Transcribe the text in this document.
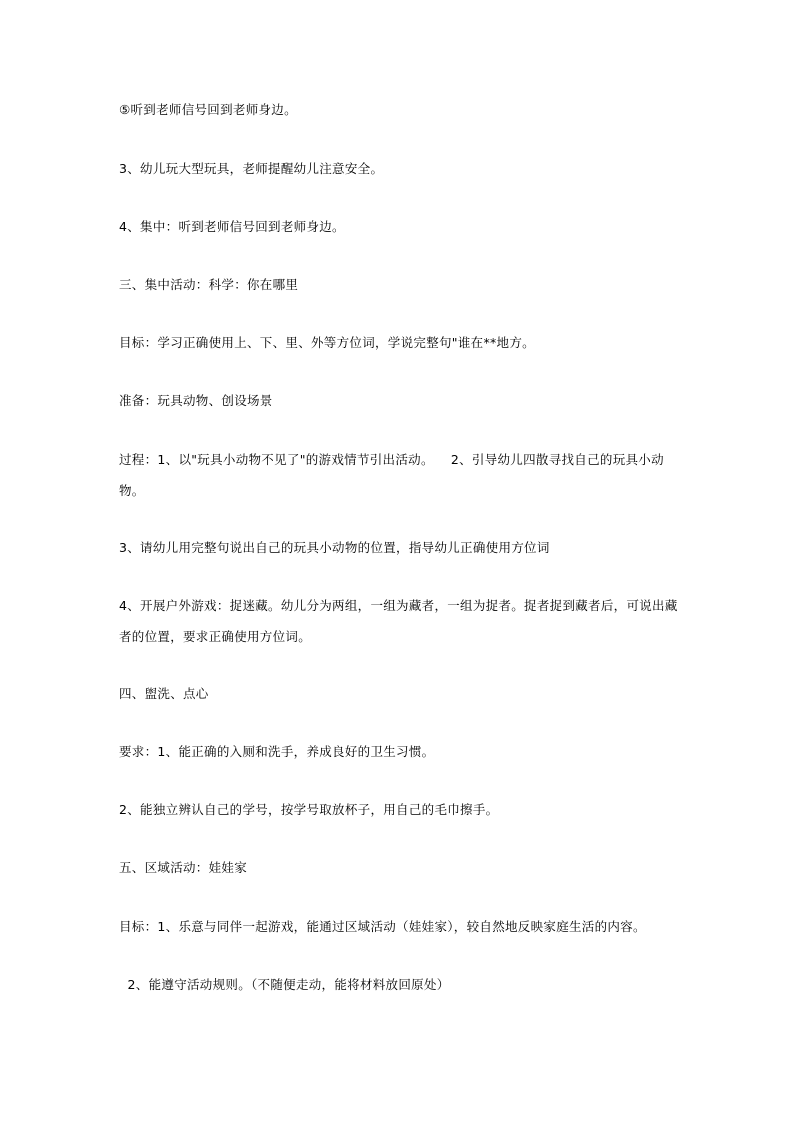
⑤听到老师信号回到老师身边。
3、幼儿玩大型玩具，老师提醒幼儿注意安全。
4、集中：听到老师信号回到老师身边。
三、集中活动：科学：你在哪里
目标：学习正确使用上、下、里、外等方位词，学说完整句"谁在**地方。
准备：玩具动物、创设场景
过程：1、以"玩具小动物不见了"的游戏情节引出活动。    2、引导幼儿四散寻找自己的玩具小动物。
3、请幼儿用完整句说出自己的玩具小动物的位置，指导幼儿正确使用方位词
4、开展户外游戏：捉迷藏。幼儿分为两组，一组为藏者，一组为捉者。捉者捉到藏者后，可说出藏者的位置，要求正确使用方位词。
四、盥洗、点心
要求：1、能正确的入厕和洗手，养成良好的卫生习惯。
2、能独立辨认自己的学号，按学号取放杯子，用自己的毛巾擦手。
五、区域活动：娃娃家
目标：1、乐意与同伴一起游戏，能通过区域活动（娃娃家），较自然地反映家庭生活的内容。
2、能遵守活动规则。（不随便走动，能将材料放回原处）
